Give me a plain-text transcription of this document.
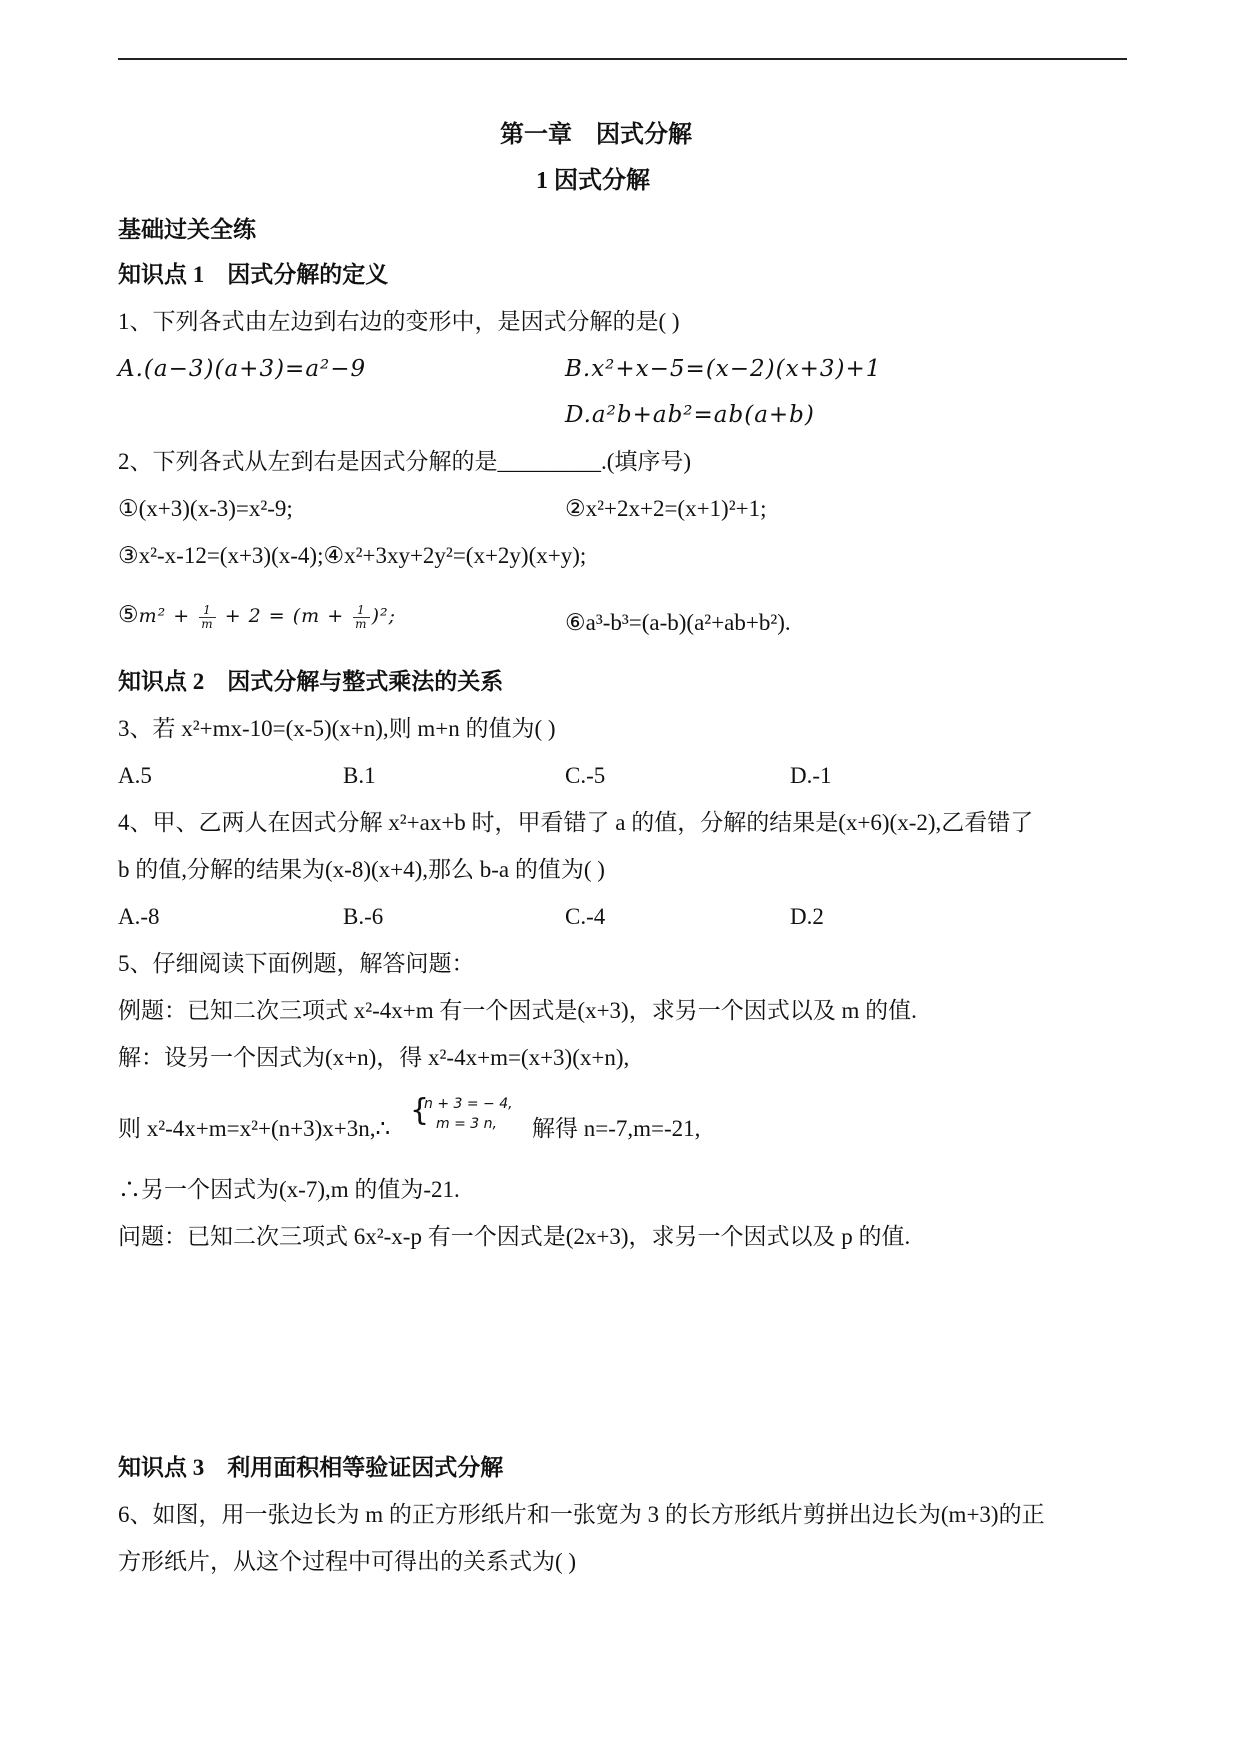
第一章　因式分解
1 因式分解
基础过关全练
知识点 1　因式分解的定义
1、下列各式由左边到右边的变形中，是因式分解的是( )
A.(a−3)(a+3)=a²−9	B.x²+x−5=(x−2)(x+3)+1
D.a²b+ab²=ab(a+b)
2、下列各式从左到右是因式分解的是_________.(填序号)
①(x+3)(x-3)=x²-9;	②x²+2x+2=(x+1)²+1;
③x²-x-12=(x+3)(x-4);④x²+3xy+2y²=(x+2y)(x+y);
⑤m² + $\frac{1}{m} + 2 = (m + \frac{1}{m} )^2$;	⑥a³-b³=(a-b)(a²+ab+b²).
知识点 2　因式分解与整式乘法的关系
3、若 x²+mx-10=(x-5)(x+n),则 m+n 的值为( )
A.5	B.1	C.-5	D.-1
4、甲、乙两人在因式分解 x²+ax+b 时，甲看错了 a 的值，分解的结果是(x+6)(x-2),乙看错了
b 的值,分解的结果为(x-8)(x+4),那么 b-a 的值为( )
A.-8	B.-6	C.-4	D.2
5、仔细阅读下面例题，解答问题：
例题：已知二次三项式 x²-4x+m 有一个因式是(x+3)，求另一个因式以及 m 的值.
解：设另一个因式为(x+n)，得 x²-4x+m=(x+3)(x+n),
则 x²-4x+m=x²+(n+3)x+3n,∴
{
n + 3 = − 4,
m = 3 n, 解得 n=-7,m=-21,
∴另一个因式为(x-7),m 的值为-21.
问题：已知二次三项式 6x²-x-p 有一个因式是(2x+3)，求另一个因式以及 p 的值.
知识点 3　利用面积相等验证因式分解
6、如图，用一张边长为 m 的正方形纸片和一张宽为 3 的长方形纸片剪拼出边长为(m+3)的正
方形纸片，从这个过程中可得出的关系式为( )
